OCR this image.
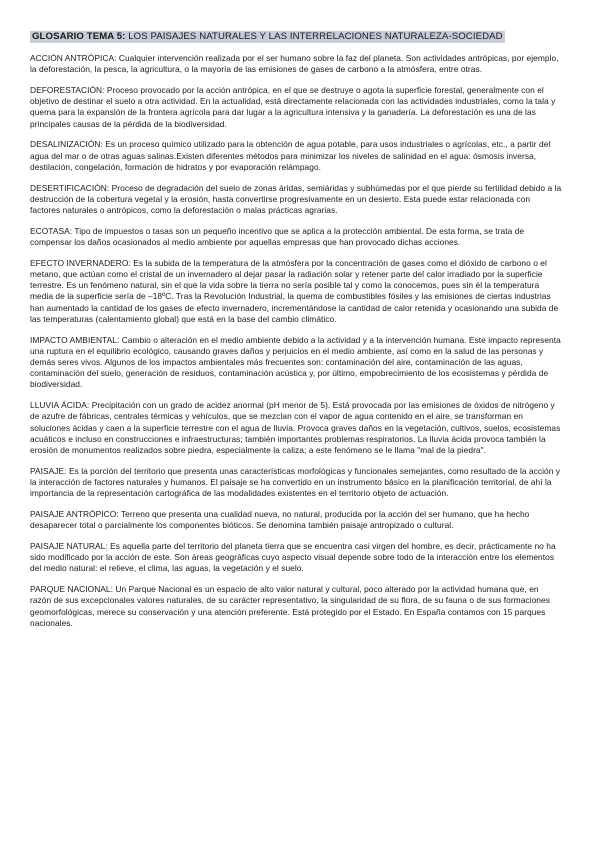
GLOSARIO TEMA 5: LOS PAISAJES NATURALES Y LAS INTERRELACIONES NATURALEZA-SOCIEDAD

ACCIÓN ANTRÓPICA: Cualquier intervención realizada por el ser humano sobre la faz del planeta. Son actividades antrópicas, por ejemplo, la deforestación, la pesca, la agricultura, o la mayoría de las emisiones de gases de carbono a la atmósfera, entre otras.

DEFORESTACIÓN: Proceso provocado por la acción antrópica, en el que se destruye o agota la superficie forestal, generalmente con el objetivo de destinar el suelo a otra actividad. En la actualidad, está directamente relacionada con las actividades industriales, como la tala y quema para la expansión de la frontera agrícola para dar lugar a la agricultura intensiva y la ganadería. La deforestación es una de las principales causas de la pérdida de la biodiversidad.

DESALINIZACIÓN: Es un proceso químico utilizado para la obtención de agua potable, para usos industriales o agrícolas, etc., a partir del agua del mar o de otras aguas salinas.Existen diferentes métodos para minimizar los niveles de salinidad en el agua: ósmosis inversa, destilación, congelación, formación de hidratos y por evaporación relámpago.

DESERTIFICACIÓN: Proceso de degradación del suelo de zonas áridas, semiáridas y subhúmedas por el que pierde su fertilidad debido a la destrucción de la cobertura vegetal y la erosión, hasta convertirse progresivamente en un desierto. Esta puede estar relacionada con factores naturales o antrópicos, como la deforestación o malas prácticas agrarias.

ECOTASA: Tipo de impuestos o tasas son un pequeño incentivo que se aplica a la protección ambiental. De esta forma, se trata de compensar los daños ocasionados al medio ambiente por aquellas empresas que han provocado dichas acciones.

EFECTO INVERNADERO: Es la subida de la temperatura de la atmósfera por la concentración de gases como el dióxido de carbono o el metano, que actúan como el cristal de un invernadero al dejar pasar la radiación solar y retener parte del calor irradiado por la superficie terrestre. Es un fenómeno natural, sin el que la vida sobre la tierra no sería posible tal y como la conocemos, pues sin él la temperatura media de la superficie sería de –18ºC. Tras la Revolución Industrial, la quema de combustibles fósiles y las emisiones de ciertas industrias han aumentado la cantidad de los gases de efecto invernadero, incrementándose la cantidad de calor retenida y ocasionando una subida de las temperaturas (calentamiento global) que está en la base del cambio climático.

IMPACTO AMBIENTAL: Cambio o alteración en el medio ambiente debido a la actividad y a la intervención humana. Este impacto representa una ruptura en el equilibrio ecológico, causando graves daños y perjuicios en el medio ambiente, así como en la salud de las personas y demás seres vivos. Algunos de los impactos ambientales más frecuentes son: contaminación del aire, contaminación de las aguas, contaminación del suelo, generación de residuos, contaminación acústica y, por último, empobrecimiento de los ecosistemas y pérdida de biodiversidad.

LLUVIA ÁCIDA: Precipitación con un grado de acidez anormal (pH menor de 5). Está provocada por las emisiones de óxidos de nitrógeno y de azufre de fábricas, centrales térmicas y vehículos, que se mezclan con el vapor de agua contenido en el aire, se transforman en soluciones ácidas y caen a la superficie terrestre con el agua de lluvia. Provoca graves daños en la vegetación, cultivos, suelos, ecosistemas acuáticos e incluso en construcciones e infraestructuras; también importantes problemas respiratorios. La lluvia ácida provoca también la erosión de monumentos realizados sobre piedra, especialmente la caliza; a este fenómeno se le llama "mal de la piedra".

PAISAJE: Es la porción del territorio que presenta unas características morfológicas y funcionales semejantes, como resultado de la acción y la interacción de factores naturales y humanos. El paisaje se ha convertido en un instrumento básico en la planificación territorial, de ahí la importancia de la representación cartográfica de las modalidades existentes en el territorio objeto de actuación.

PAISAJE ANTRÓPICO: Terreno que presenta una cualidad nueva, no natural, producida por la acción del ser humano, que ha hecho desaparecer total o parcialmente los componentes bióticos. Se denomina también paisaje antropizado o cultural.

PAISAJE NATURAL: Es aquella parte del territorio del planeta tierra que se encuentra casi virgen del hombre, es decir, prácticamente no ha sido modificado por la acción de este. Son áreas geográficas cuyo aspecto visual depende sobre todo de la interacción entre los elementos del medio natural: el relieve, el clima, las aguas, la vegetación y el suelo.

PARQUE NACIONAL: Un Parque Nacional es un espacio de alto valor natural y cultural, poco alterado por la actividad humana que, en razón de sus excepcionales valores naturales, de su carácter representativo, la singularidad de su flora, de su fauna o de sus formaciones geomorfológicas, merece su conservación y una atención preferente. Está protegido por el Estado. En España contamos con 15 parques nacionales.
